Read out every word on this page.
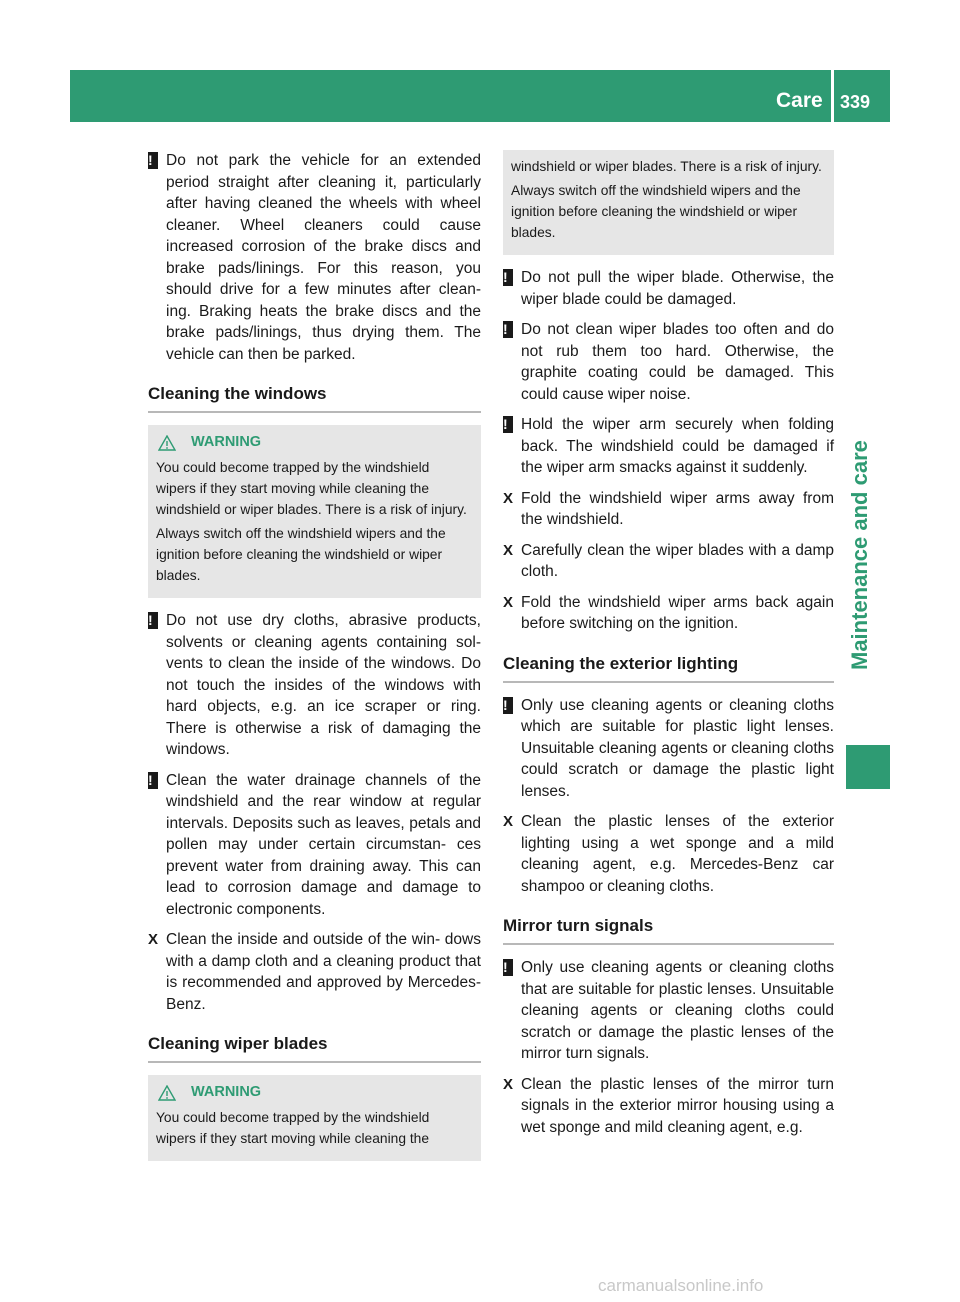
Care 339
Maintenance and care
! Do not park the vehicle for an extended period straight after cleaning it, particularly after having cleaned the wheels with wheel cleaner. Wheel cleaners could cause increased corrosion of the brake discs and brake pads/linings. For this reason, you should drive for a few minutes after clean- ing. Braking heats the brake discs and the brake pads/linings, thus drying them. The vehicle can then be parked.
Cleaning the windows
WARNING

You could become trapped by the windshield wipers if they start moving while cleaning the windshield or wiper blades. There is a risk of injury.

Always switch off the windshield wipers and the ignition before cleaning the windshield or wiper blades.

! Do not use dry cloths, abrasive products, solvents or cleaning agents containing sol- vents to clean the inside of the windows. Do not touch the insides of the windows with hard objects, e.g. an ice scraper or ring. There is otherwise a risk of damaging the windows.
! Clean the water drainage channels of the windshield and the rear window at regular intervals. Deposits such as leaves, petals and pollen may under certain circumstan- ces prevent water from draining away. This can lead to corrosion damage and damage to electronic components.
X Clean the inside and outside of the win- dows with a damp cloth and a cleaning product that is recommended and approved by Mercedes-Benz.
Cleaning wiper blades
WARNING

You could become trapped by the windshield wipers if they start moving while cleaning the

windshield or wiper blades. There is a risk of injury.

Always switch off the windshield wipers and the ignition before cleaning the windshield or wiper blades.

! Do not pull the wiper blade. Otherwise, the wiper blade could be damaged.
! Do not clean wiper blades too often and do not rub them too hard. Otherwise, the graphite coating could be damaged. This could cause wiper noise.
! Hold the wiper arm securely when folding back. The windshield could be damaged if the wiper arm smacks against it suddenly.
X Fold the windshield wiper arms away from the windshield.
X Carefully clean the wiper blades with a damp cloth.
X Fold the windshield wiper arms back again before switching on the ignition.
Cleaning the exterior lighting
! Only use cleaning agents or cleaning cloths which are suitable for plastic light lenses. Unsuitable cleaning agents or cleaning cloths could scratch or damage the plastic light lenses.
X Clean the plastic lenses of the exterior lighting using a wet sponge and a mild cleaning agent, e.g. Mercedes-Benz car shampoo or cleaning cloths.
Mirror turn signals
! Only use cleaning agents or cleaning cloths that are suitable for plastic lenses. Unsuitable cleaning agents or cleaning cloths could scratch or damage the plastic lenses of the mirror turn signals.
X Clean the plastic lenses of the mirror turn signals in the exterior mirror housing using a wet sponge and mild cleaning agent, e.g.
carmanualsonline.info
